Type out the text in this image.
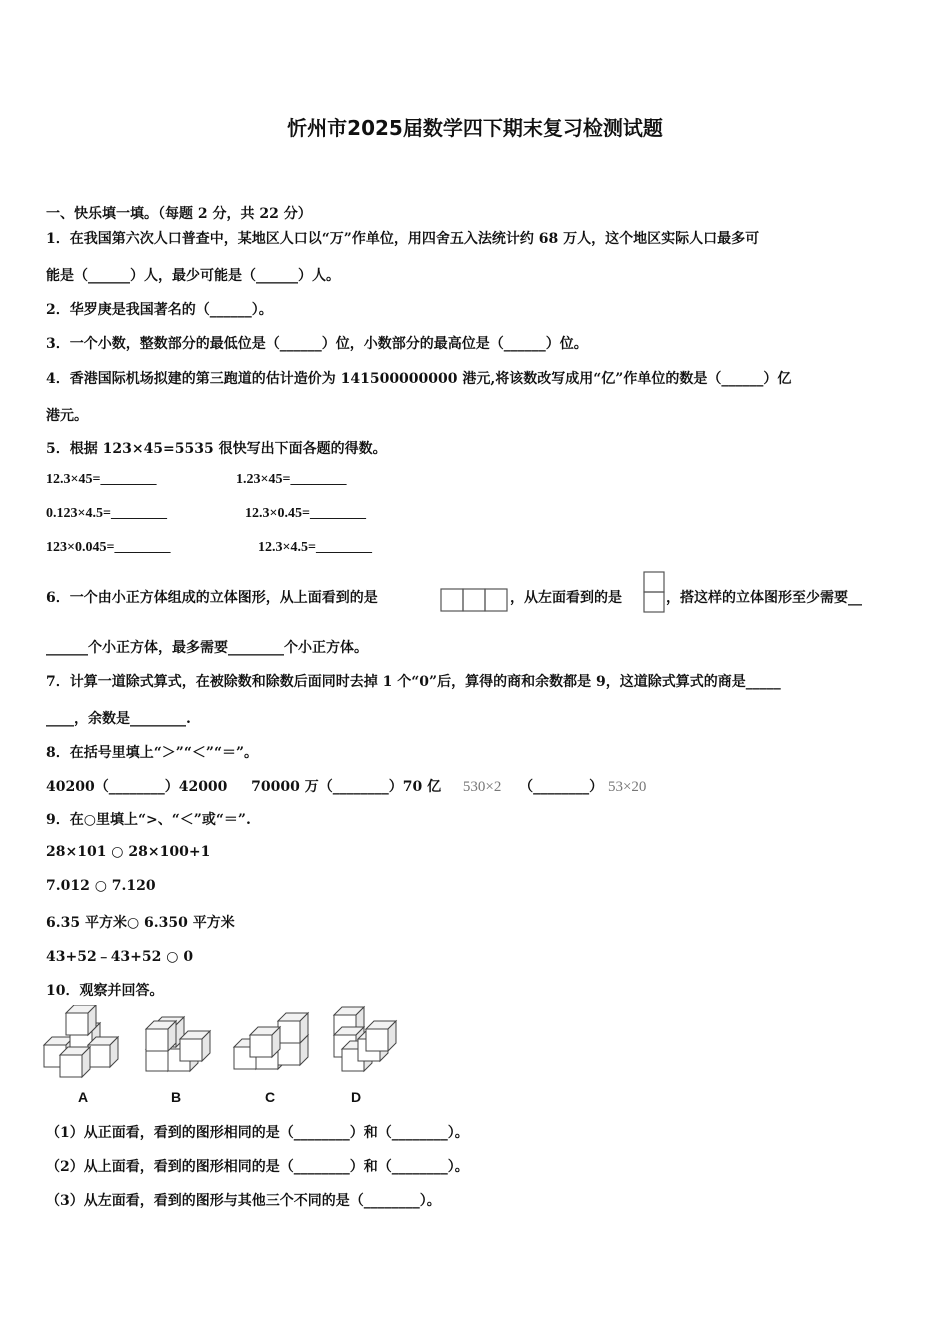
忻州市2025届数学四下期末复习检测试题
一、快乐填一填。（每题 2 分，共 22 分）
1．在我国第六次人口普查中，某地区人口以“万”作单位，用四舍五入法统计约 68 万人，这个地区实际人口最多可
能是（______）人，最少可能是（______）人。
2．华罗庚是我国著名的（______）。
3．一个小数，整数部分的最低位是（______）位，小数部分的最高位是（______）位。
4．香港国际机场拟建的第三跑道的估计造价为 141500000000 港元,将该数改写成用“亿”作单位的数是（______）亿
港元。
5．根据 123×45=5535 很快写出下面各题的得数。
12.3×45=________	1.23×45=________
0.123×4.5=________	12.3×0.45=________
123×0.045=________	12.3×4.5=________
6．一个由小正方体组成的立体图形，从上面看到的是	，从左面看到的是	，搭这样的立体图形至少需要__
______个小正方体，最多需要________个小正方体。
7．计算一道除式算式，在被除数和除数后面同时去掉 1 个“0”后，算得的商和余数都是 9，这道除式算式的商是_____
____，余数是________.
8．在括号里填上“＞”“＜”“＝”。
40200（________）42000 70000 万（________）70 亿 530×2 （________） 53×20
9．在○里填上“>、“＜”或“＝”.
28×101 ○ 28×100+1
7.012 ○ 7.120
6.35 平方米○ 6.350 平方米
43+52﹣43+52 ○ 0
10．观察并回答。
A	B	C	D
（1）从正面看，看到的图形相同的是（________）和（________）。
（2）从上面看，看到的图形相同的是（________）和（________）。
（3）从左面看，看到的图形与其他三个不同的是（________）。
